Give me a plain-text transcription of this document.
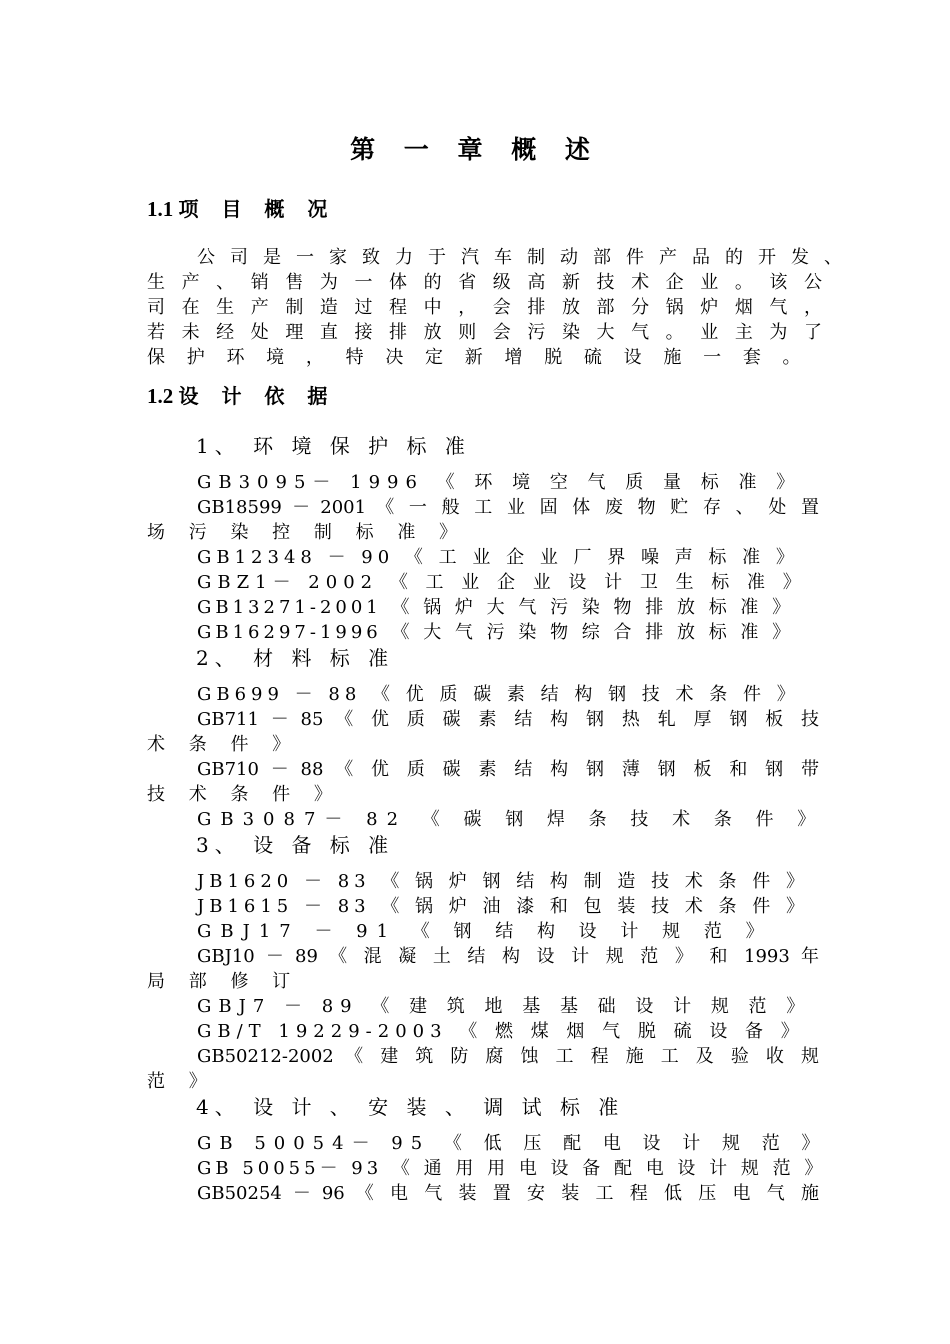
第 一 章 概 述
1.1 项 目 概 况
公司是一家致力于汽车制动部件产品的开发、
生产、销售为一体的省级高新技术企业。该公
司在生产制造过程中，会排放部分锅炉烟气，
若未经处理直接排放则会污染大气。业主为了
保 护 环 境 ， 特 决 定 新 增 脱 硫 设 施 一 套 。
1.2 设 计 依 据
1、 环 境 保 护 标 准
GB3095－ 1996 《 环 境 空 气 质 量 标 准 》
GB18599 － 2001 《 一 般 工 业 固 体 废 物 贮 存 、 处 置
场 污 染 控 制 标 准 》
GB12348 － 90 《 工 业 企 业 厂 界 噪 声 标 准 》
GBZ1－ 2002 《 工 业 企 业 设 计 卫 生 标 准 》
GB13271-2001 《 锅 炉 大 气 污 染 物 排 放 标 准 》
GB16297-1996 《 大 气 污 染 物 综 合 排 放 标 准 》
2、 材 料 标 准
GB699 － 88 《 优 质 碳 素 结 构 钢 技 术 条 件 》
GB711 － 85 《 优 质 碳 素 结 构 钢 热 轧 厚 钢 板 技
术 条 件 》
GB710 － 88 《 优 质 碳 素 结 构 钢 薄 钢 板 和 钢 带
技 术 条 件 》
GB3087－ 82 《 碳 钢 焊 条 技 术 条 件 》
3、 设 备 标 准
JB1620 － 83 《 锅 炉 钢 结 构 制 造 技 术 条 件 》
JB1615 － 83 《 锅 炉 油 漆 和 包 装 技 术 条 件 》
GBJ17 － 91 《 钢 结 构 设 计 规 范 》
GBJ10 － 89 《 混 凝 土 结 构 设 计 规 范 》 和 1993 年
局 部 修 订
GBJ7 － 89 《 建 筑 地 基 基 础 设 计 规 范 》
GB/T 19229-2003 《 燃 煤 烟 气 脱 硫 设 备 》
GB50212-2002 《 建 筑 防 腐 蚀 工 程 施 工 及 验 收 规
范 》
4、 设 计 、 安 装 、 调 试 标 准
GB 50054－ 95 《 低 压 配 电 设 计 规 范 》
GB 50055－ 93 《 通 用 用 电 设 备 配 电 设 计 规 范 》
GB50254 － 96 《 电 气 装 置 安 装 工 程 低 压 电 气 施
